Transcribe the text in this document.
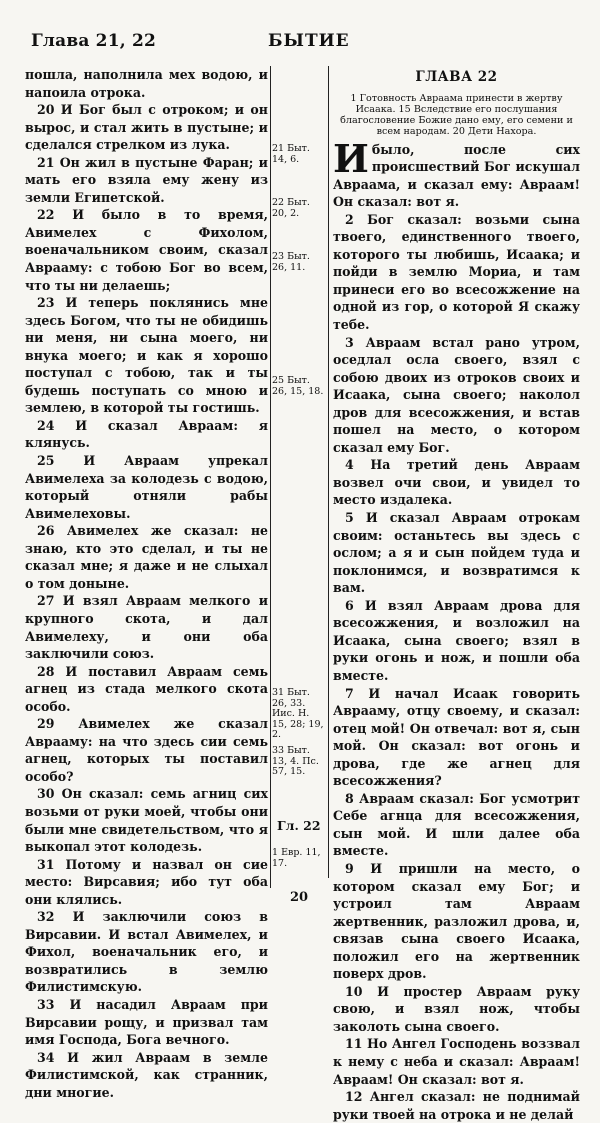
Глава 21, 22	БЫТИЕ

пошла, наполнила мех водою, и напоила отрока.

20 И Бог был с отроком; и он вырос, и стал жить в пустыне; и сделался стрелком из лука.

21 Он жил в пустыне Фаран; и мать его взяла ему жену из земли Египетской.

22 И было в то время, Авимелех с Фихолом, военачальником своим, сказал Аврааму: с тобою Бог во всем, что ты ни делаешь;

23 И теперь поклянись мне здесь Богом, что ты не обидишь ни меня, ни сына моего, ни внука моего; и как я хорошо поступал с тобою, так и ты будешь поступать со мною и землею, в которой ты гостишь.

24 И сказал Авраам: я клянусь.

25 И Авраам упрекал Авимелеха за колодезь с водою, который отняли рабы Авимелеховы.

26 Авимелех же сказал: не знаю, кто это сделал, и ты не сказал мне; я даже и не слыхал о том доныне.

27 И взял Авраам мелкого и крупного скота, и дал Авимелеху, и они оба заключили союз.

28 И поставил Авраам семь агнец из стада мелкого скота особо.

29 Авимелех же сказал Аврааму: на что здесь сии семь агнец, которых ты поставил особо?

30 Он сказал: семь агниц сих возьми от руки моей, чтобы они были мне свидетельством, что я выкопал этот колодезь.

31 Потому и назвал он сие место: Вирсавия; ибо тут оба они клялись.

32 И заключили союз в Вирсавии. И встал Авимелех, и Фихол, военачальник его, и возвратились в землю Филистимскую.

33 И насадил Авраам при Вирсавии рощу, и призвал там имя Господа, Бога вечного.

34 И жил Авраам в земле Филистимской, как странник, дни многие.

21 Быт. 14, 6.
22 Быт. 20, 2.
23 Быт. 26, 11.
25 Быт. 26, 15, 18.
31 Быт. 26, 33. Иис. Н. 15, 28; 19, 2.
33 Быт. 13, 4. Пс. 57, 15.
1 Евр. 11, 17.
Гл. 22
ГЛАВА 22
1 Готовность Авраама принести в жертву Исаака. 15 Вследствие его послушания благословение Божие дано ему, его семени и всем народам. 20 Дети Нахора.

И было, после сих происшествий Бог искушал Авраама, и сказал ему: Авраам! Он сказал: вот я.

2 Бог сказал: возьми сына твоего, единственного твоего, которого ты любишь, Исаака; и пойди в землю Мориа, и там принеси его во всесожжение на одной из гор, о которой Я скажу тебе.

3 Авраам встал рано утром, оседлал осла своего, взял с собою двоих из отроков своих и Исаака, сына своего; наколол дров для всесожжения, и встав пошел на место, о котором сказал ему Бог.

4 На третий день Авраам возвел очи свои, и увидел то место издалека.

5 И сказал Авраам отрокам своим: останьтесь вы здесь с ослом; а я и сын пойдем туда и поклонимся, и возвратимся к вам.

6 И взял Авраам дрова для всесожжения, и возложил на Исаака, сына своего; взял в руки огонь и нож, и пошли оба вместе.

7 И начал Исаак говорить Аврааму, отцу своему, и сказал: отец мой! Он отвечал: вот я, сын мой. Он сказал: вот огонь и дрова, где же агнец для всесожжения?

8 Авраам сказал: Бог усмотрит Себе агнца для всесожжения, сын мой. И шли далее оба вместе.

9 И пришли на место, о котором сказал ему Бог; и устроил там Авраам жертвенник, разложил дрова, и, связав сына своего Исаака, положил его на жертвенник поверх дров.

10 И простер Авраам руку свою, и взял нож, чтобы заколоть сына своего.

11 Но Ангел Господень воззвал к нему с неба и сказал: Авраам! Авраам! Он сказал: вот я.

12 Ангел сказал: не поднимай руки твоей на отрока и не делай

20
